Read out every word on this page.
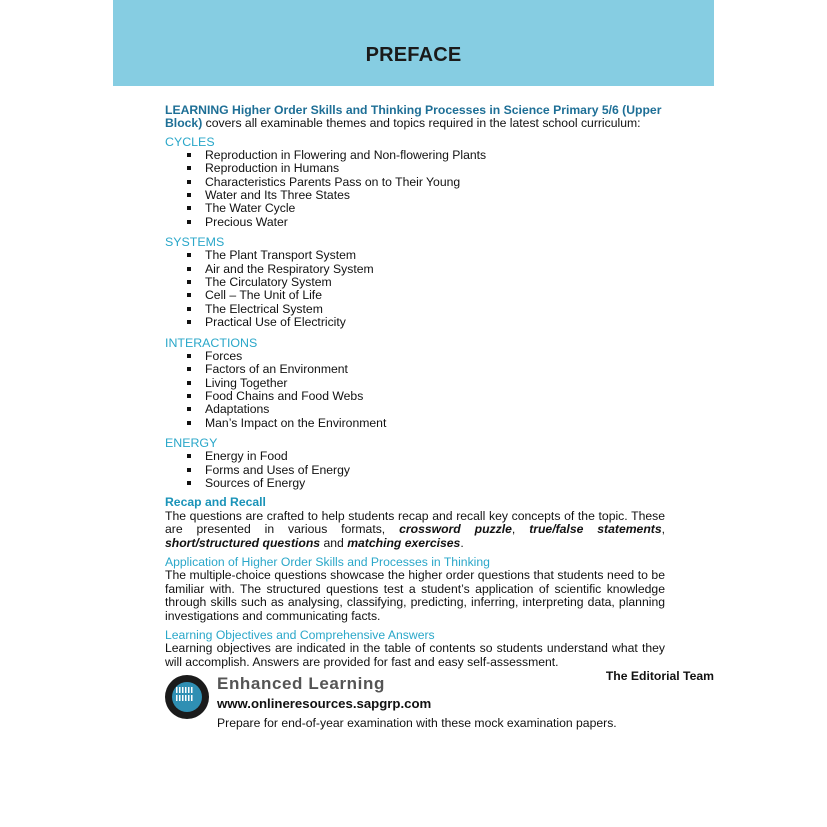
PREFACE

LEARNING Higher Order Skills and Thinking Processes in Science Primary 5/6 (Upper Block) covers all examinable themes and topics required in the latest school curriculum:

CYCLES
Reproduction in Flowering and Non-flowering Plants
Reproduction in Humans
Characteristics Parents Pass on to Their Young
Water and Its Three States
The Water Cycle
Precious Water
SYSTEMS
The Plant Transport System
Air and the Respiratory System
The Circulatory System
Cell – The Unit of Life
The Electrical System
Practical Use of Electricity
INTERACTIONS
Forces
Factors of an Environment
Living Together
Food Chains and Food Webs
Adaptations
Man’s Impact on the Environment
ENERGY
Energy in Food
Forms and Uses of Energy
Sources of Energy
Recap and Recall

The questions are crafted to help students recap and recall key concepts of the topic. These are presented in various formats, crossword puzzle, true/false statements, short/structured questions and matching exercises.

Application of Higher Order Skills and Processes in Thinking

The multiple-choice questions showcase the higher order questions that students need to be familiar with. The structured questions test a student’s application of scientific knowledge through skills such as analysing, classifying, predicting, inferring, interpreting data, planning investigations and communicating facts.

Learning Objectives and Comprehensive Answers

Learning objectives are indicated in the table of contents so students understand what they will accomplish. Answers are provided for fast and easy self-assessment.

Enhanced Learning
www.onlineresources.sapgrp.com
Prepare for end-of-year examination with these mock examination papers.
The Editorial Team
